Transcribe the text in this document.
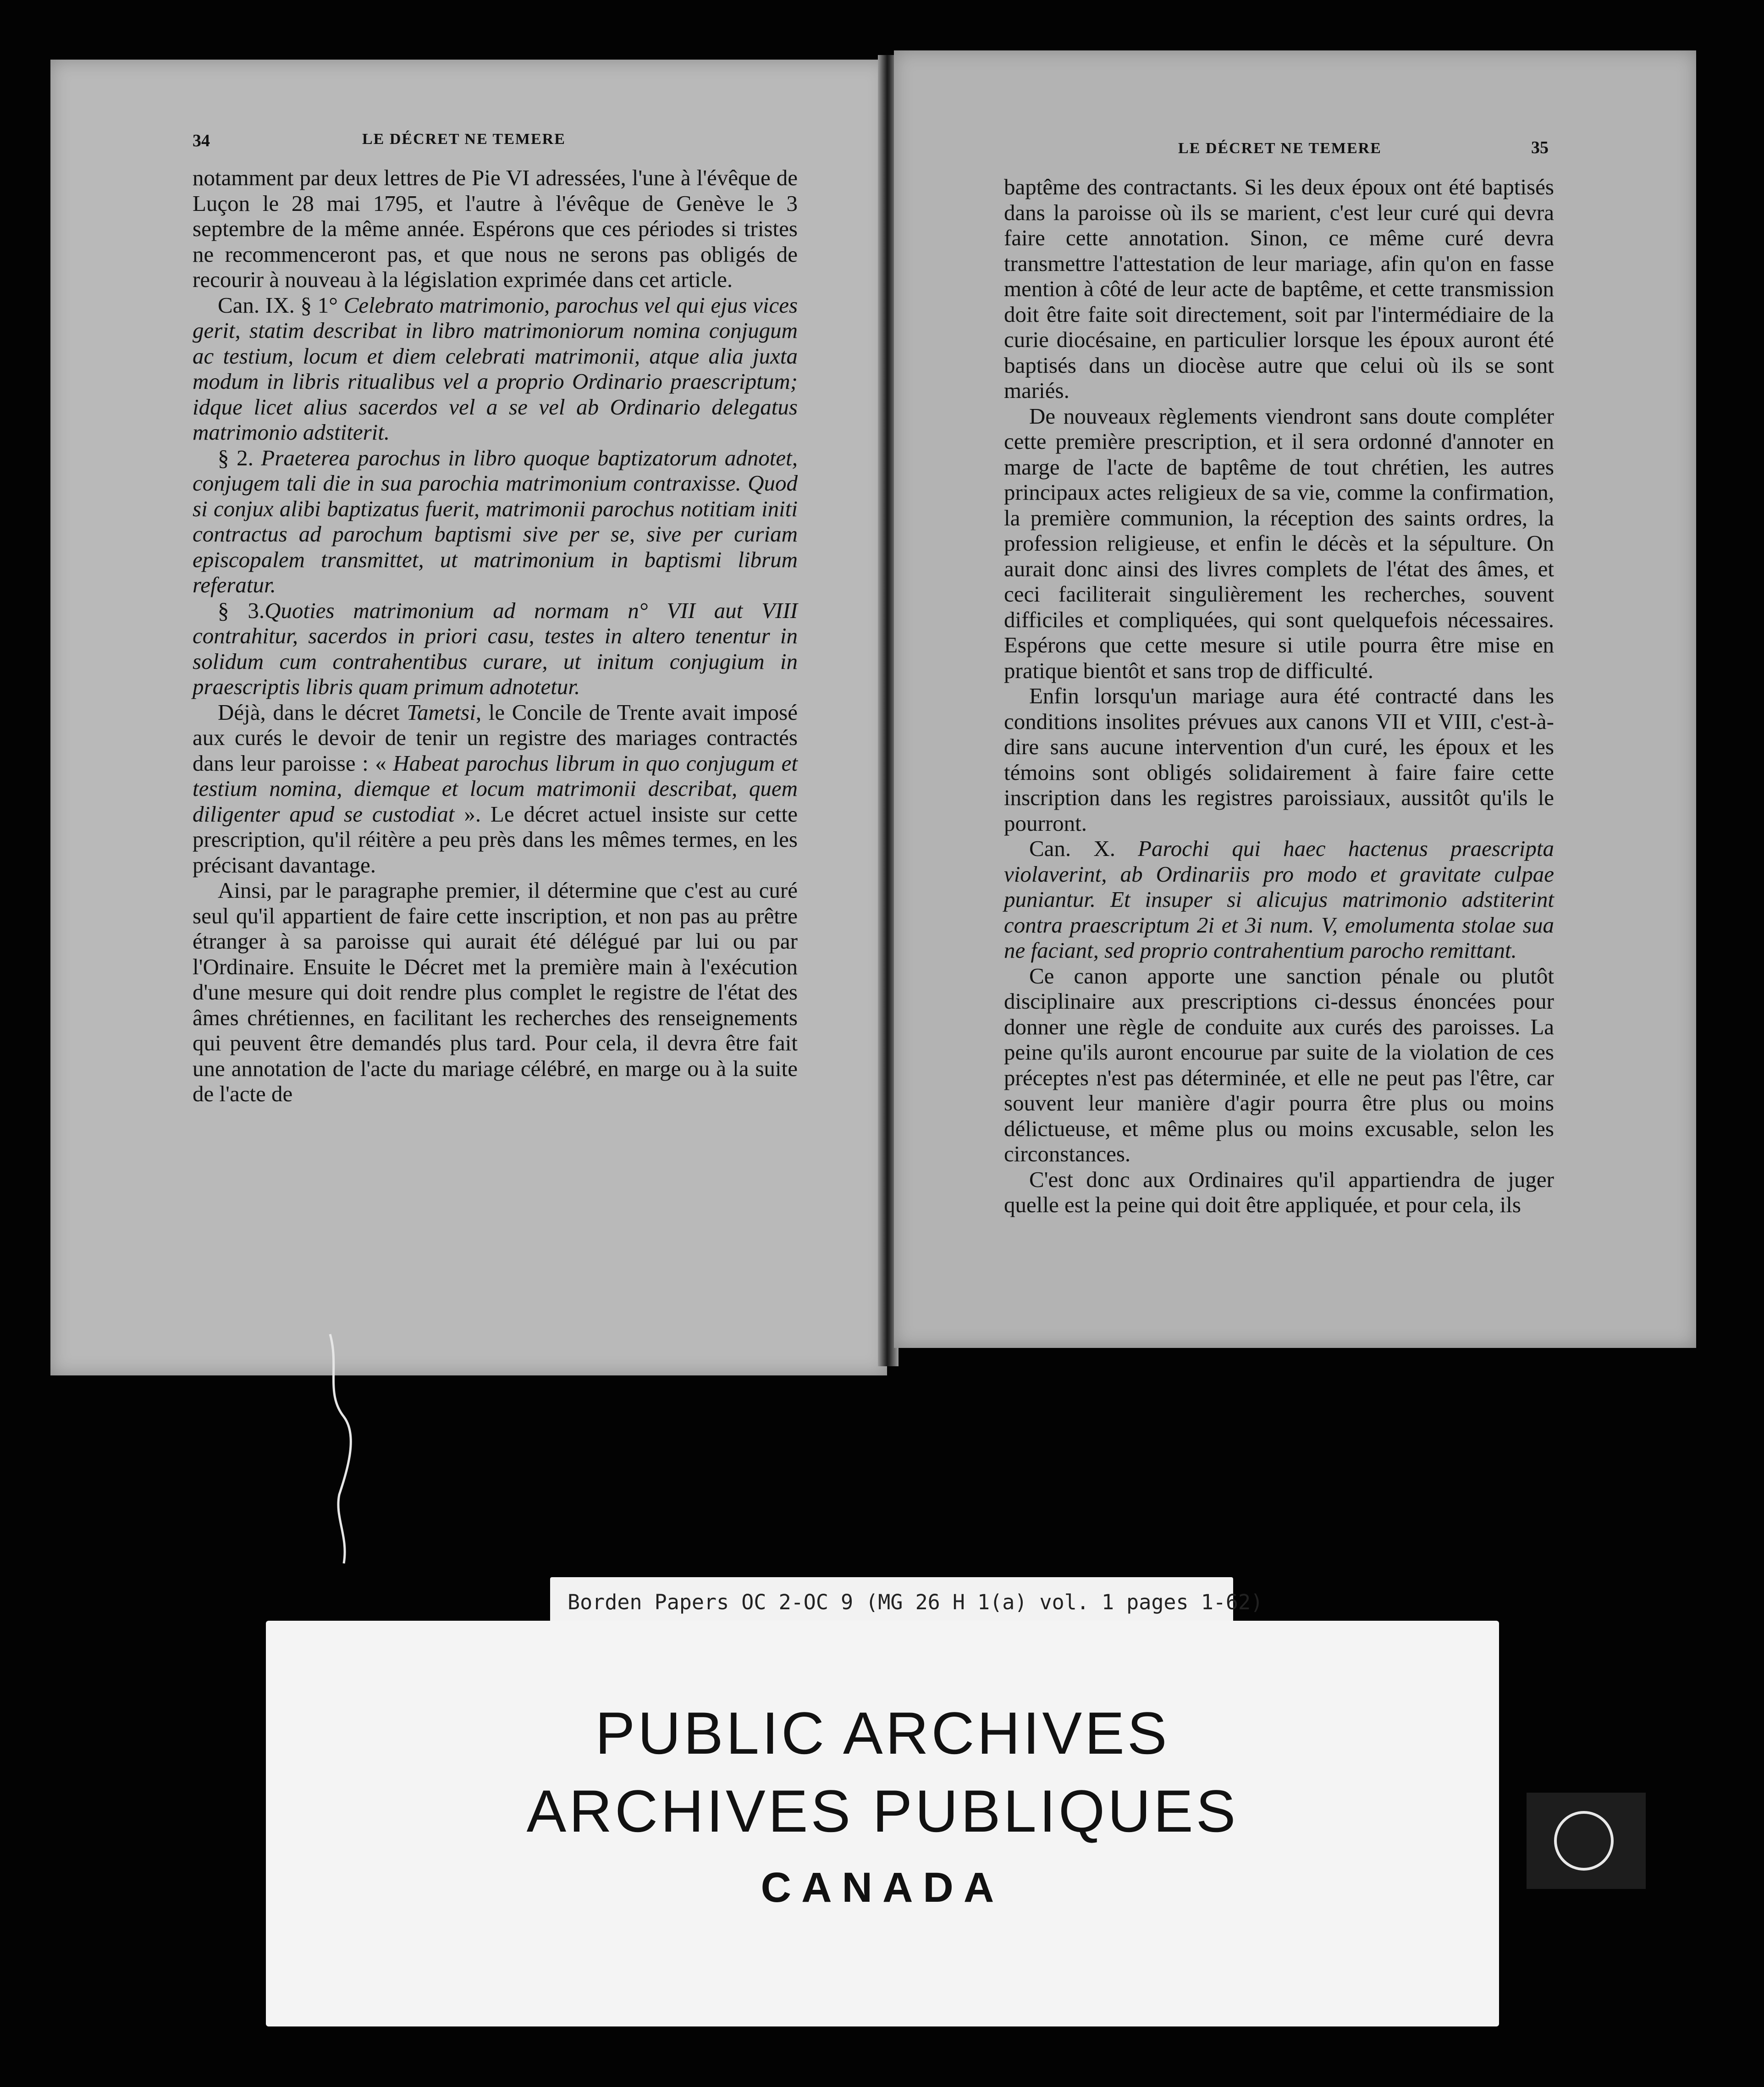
34	LE DÉCRET NE TEMERE

notamment par deux lettres de Pie VI adressées, l'une à l'évêque de Luçon le 28 mai 1795, et l'autre à l'évêque de Genève le 3 septembre de la même année. Espérons que ces périodes si tristes ne recommenceront pas, et que nous ne serons pas obligés de recourir à nouveau à la législation exprimée dans cet article.

Can. IX. § 1° Celebrato matrimonio, parochus vel qui ejus vices gerit, statim describat in libro matrimoniorum nomina conjugum ac testium, locum et diem celebrati matrimonii, atque alia juxta modum in libris ritualibus vel a proprio Ordinario praescriptum; idque licet alius sacerdos vel a se vel ab Ordinario delegatus matrimonio adstiterit.

§ 2. Praeterea parochus in libro quoque baptizatorum adnotet, conjugem tali die in sua parochia matrimonium contraxisse. Quod si conjux alibi baptizatus fuerit, matrimonii parochus notitiam initi contractus ad parochum baptismi sive per se, sive per curiam episcopalem transmittet, ut matrimonium in baptismi librum referatur.

§ 3.Quoties matrimonium ad normam n° VII aut VIII contrahitur, sacerdos in priori casu, testes in altero tenentur in solidum cum contrahentibus curare, ut initum conjugium in praescriptis libris quam primum adnotetur.

Déjà, dans le décret Tametsi, le Concile de Trente avait imposé aux curés le devoir de tenir un registre des mariages contractés dans leur paroisse : « Habeat parochus librum in quo conjugum et testium nomina, diemque et locum matrimonii describat, quem diligenter apud se custodiat ». Le décret actuel insiste sur cette prescription, qu'il réitère a peu près dans les mêmes termes, en les précisant davantage.

Ainsi, par le paragraphe premier, il détermine que c'est au curé seul qu'il appartient de faire cette inscription, et non pas au prêtre étranger à sa paroisse qui aurait été délégué par lui ou par l'Ordinaire. Ensuite le Décret met la première main à l'exécution d'une mesure qui doit rendre plus complet le registre de l'état des âmes chrétiennes, en facilitant les recherches des renseignements qui peuvent être demandés plus tard. Pour cela, il devra être fait une annotation de l'acte du mariage célébré, en marge ou à la suite de l'acte de

LE DÉCRET NE TEMERE	35

baptême des contractants. Si les deux époux ont été baptisés dans la paroisse où ils se marient, c'est leur curé qui devra faire cette annotation. Sinon, ce même curé devra transmettre l'attestation de leur mariage, afin qu'on en fasse mention à côté de leur acte de baptême, et cette transmission doit être faite soit directement, soit par l'intermédiaire de la curie diocésaine, en particulier lorsque les époux auront été baptisés dans un diocèse autre que celui où ils se sont mariés.

De nouveaux règlements viendront sans doute compléter cette première prescription, et il sera ordonné d'annoter en marge de l'acte de baptême de tout chrétien, les autres principaux actes religieux de sa vie, comme la confirmation, la première communion, la réception des saints ordres, la profession religieuse, et enfin le décès et la sépulture. On aurait donc ainsi des livres complets de l'état des âmes, et ceci faciliterait singulièrement les recherches, souvent difficiles et compliquées, qui sont quelquefois nécessaires. Espérons que cette mesure si utile pourra être mise en pratique bientôt et sans trop de difficulté.

Enfin lorsqu'un mariage aura été contracté dans les conditions insolites prévues aux canons VII et VIII, c'est-à-dire sans aucune intervention d'un curé, les époux et les témoins sont obligés solidairement à faire faire cette inscription dans les registres paroissiaux, aussitôt qu'ils le pourront.

Can. X. Parochi qui haec hactenus praescripta violaverint, ab Ordinariis pro modo et gravitate culpae puniantur. Et insuper si alicujus matrimonio adstiterint contra praescriptum 2i et 3i num. V, emolumenta stolae sua ne faciant, sed proprio contrahentium parocho remittant.

Ce canon apporte une sanction pénale ou plutôt disciplinaire aux prescriptions ci-dessus énoncées pour donner une règle de conduite aux curés des paroisses. La peine qu'ils auront encourue par suite de la violation de ces préceptes n'est pas déterminée, et elle ne peut pas l'être, car souvent leur manière d'agir pourra être plus ou moins délictueuse, et même plus ou moins excusable, selon les circonstances.

C'est donc aux Ordinaires qu'il appartiendra de juger quelle est la peine qui doit être appliquée, et pour cela, ils

Borden Papers OC 2-OC 9 (MG 26 H 1(a) vol. 1 pages 1-62)
PUBLIC ARCHIVES
ARCHIVES PUBLIQUES
CANADA
